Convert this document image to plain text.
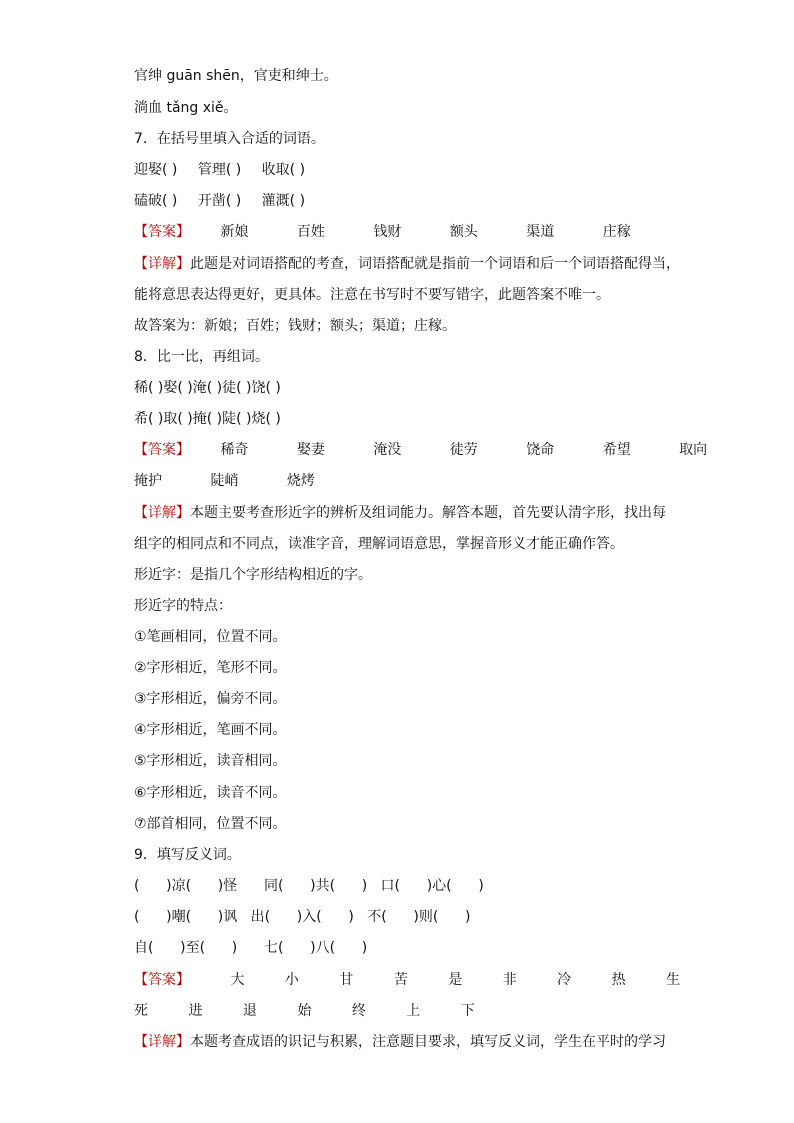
官绅 guān shēn，官吏和绅士。
淌血 tǎng xiě。
7．在括号里填入合适的词语。
迎娶( ) 管理( ) 收取( )
磕破( ) 开凿( ) 灌溉( )
【答案】 新娘	百姓	钱财	额头	渠道	庄稼
【详解】此题是对词语搭配的考查，词语搭配就是指前一个词语和后一个词语搭配得当，
能将意思表达得更好，更具体。注意在书写时不要写错字，此题答案不唯一。
故答案为：新娘；百姓；钱财；额头；渠道；庄稼。
8．比一比，再组词。
稀( )娶( )淹( )徒( )饶( )
希( )取( )掩( )陡( )烧( )
【答案】 稀奇	娶妻	淹没	徒劳	饶命	希望	取向
掩护	陡峭	烧烤
【详解】本题主要考查形近字的辨析及组词能力。解答本题，首先要认清字形，找出每
组字的相同点和不同点，读准字音，理解词语意思，掌握音形义才能正确作答。
形近字：是指几个字形结构相近的字。
形近字的特点：
①笔画相同，位置不同。
②字形相近，笔形不同。
③字形相近，偏旁不同。
④字形相近，笔画不同。
⑤字形相近，读音相同。
⑥字形相近，读音不同。
⑦部首相同，位置不同。
9．填写反义词。
(      )凉(      )怪      同(      )共(      )   口(      )心(      )
(      )嘲(      )讽   出(      )入(      )   不(      )则(      )
自(      )至(      )      七(      )八(      )
【答案】	大	小	甘	苦	是	非	冷	热	生
死	进	退	始	终	上	下
【详解】本题考查成语的识记与积累，注意题目要求，填写反义词，学生在平时的学习
